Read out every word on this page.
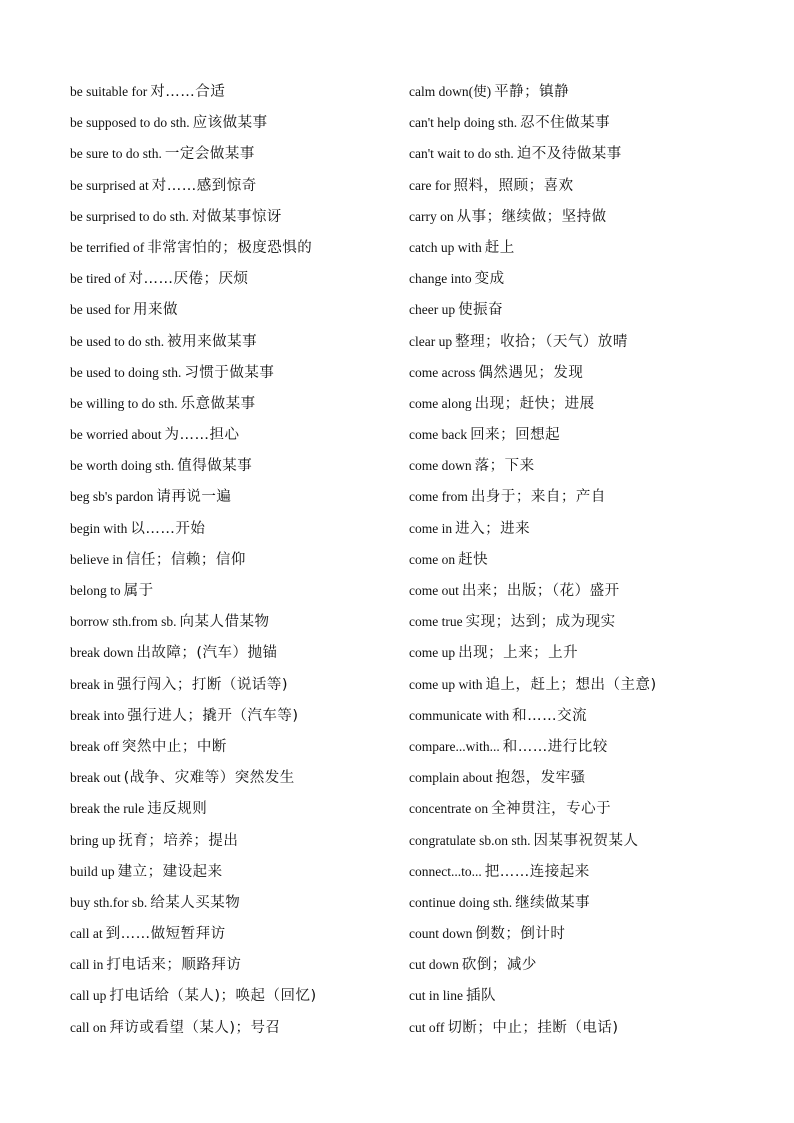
be suitable for 对……合适
be supposed to do sth. 应该做某事
be sure to do sth. 一定会做某事
be surprised at 对……感到惊奇
be surprised to do sth. 对做某事惊讶
be terrified of 非常害怕的；极度恐惧的
be tired of 对……厌倦；厌烦
be used for 用来做
be used to do sth. 被用来做某事
be used to doing sth. 习惯于做某事
be willing to do sth. 乐意做某事
be worried about 为……担心
be worth doing sth. 值得做某事
beg sb's pardon 请再说一遍
begin with 以……开始
believe in 信任；信赖；信仰
belong to 属于
borrow sth.from sb. 向某人借某物
break down 出故障；(汽车）抛锚
break in 强行闯入；打断（说话等)
break into 强行进人；撬开（汽车等)
break off 突然中止；中断
break out (战争、灾难等）突然发生
break the rule 违反规则
bring up 抚育；培养；提出
build up 建立；建设起来
buy sth.for sb. 给某人买某物
call at 到……做短暂拜访
call in 打电话来；顺路拜访
call up 打电话给（某人)；唤起（回忆)
call on 拜访或看望（某人)；号召
calm down(使) 平静；镇静
can't help doing sth. 忍不住做某事
can't wait to do sth. 迫不及待做某事
care for 照料，照顾；喜欢
carry on 从事；继续做；坚持做
catch up with 赶上
change into 变成
cheer up 使振奋
clear up 整理；收拾；（天气）放晴
come across 偶然遇见；发现
come along 出现；赶快；进展
come back 回来；回想起
come down 落；下来
come from 出身于；来自；产自
come in 进入；进来
come on 赶快
come out 出来；出版；（花）盛开
come true 实现；达到；成为现实
come up 出现；上来；上升
come up with 追上，赶上；想出（主意)
communicate with 和……交流
compare...with... 和……进行比较
complain about 抱怨，发牢骚
concentrate on 全神贯注，专心于
congratulate sb.on sth. 因某事祝贺某人
connect...to... 把……连接起来
continue doing sth. 继续做某事
count down 倒数；倒计时
cut down 砍倒；减少
cut in line 插队
cut off 切断；中止；挂断（电话)
